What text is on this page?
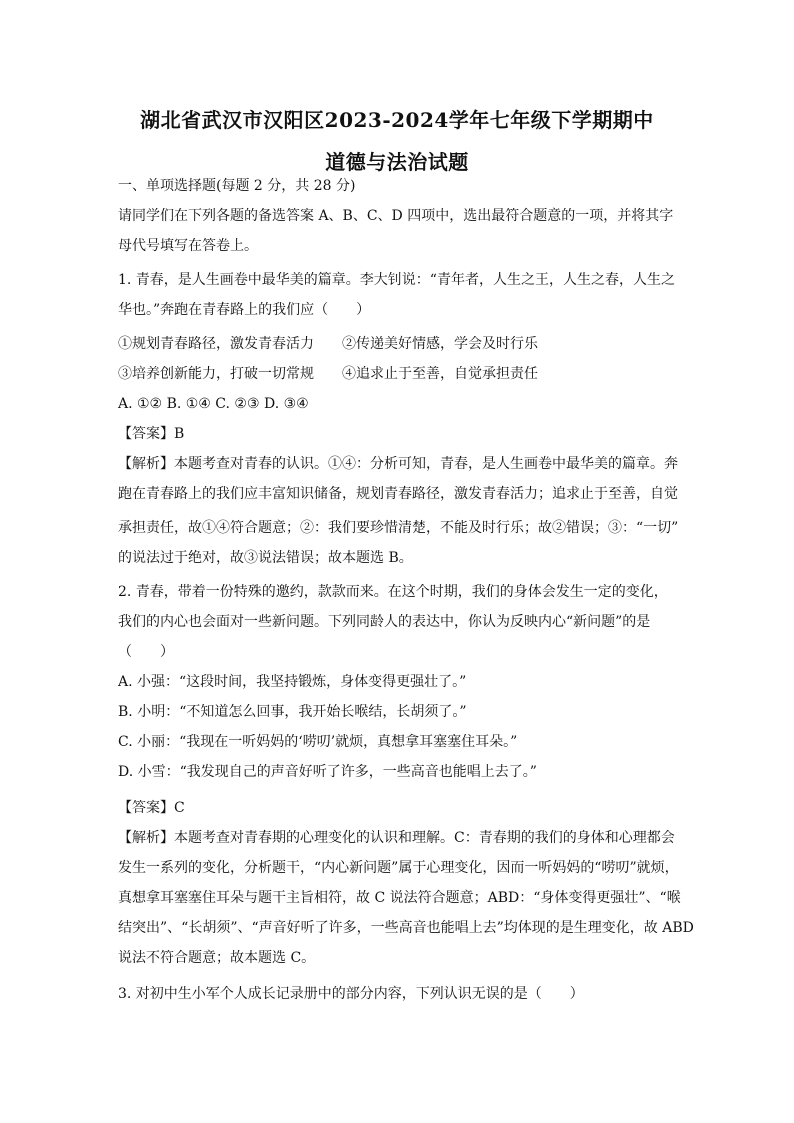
湖北省武汉市汉阳区2023-2024学年七年级下学期期中
道德与法治试题
一、单项选择题(每题 2 分，共 28 分)
请同学们在下列各题的备选答案 A、B、C、D 四项中，选出最符合题意的一项，并将其字
母代号填写在答卷上。
1. 青春，是人生画卷中最华美的篇章。李大钊说：“青年者，人生之王，人生之春，人生之
华也。”奔跑在青春路上的我们应（　　）
①规划青春路径，激发青春活力　　②传递美好情感，学会及时行乐
③培养创新能力，打破一切常规　　④追求止于至善，自觉承担责任
A. ①② B. ①④ C. ②③ D. ③④
【答案】B
【解析】本题考查对青春的认识。①④：分析可知，青春，是人生画卷中最华美的篇章。奔
跑在青春路上的我们应丰富知识储备，规划青春路径，激发青春活力；追求止于至善，自觉
承担责任，故①④符合题意；②：我们要珍惜清楚，不能及时行乐；故②错误；③：“一切”
的说法过于绝对，故③说法错误；故本题选 B。
2. 青春，带着一份特殊的邀约，款款而来。在这个时期，我们的身体会发生一定的变化，
我们的内心也会面对一些新问题。下列同龄人的表达中，你认为反映内心“新问题”的是
（　　）
A. 小强：“这段时间，我坚持锻炼，身体变得更强壮了。”
B. 小明：“不知道怎么回事，我开始长喉结，长胡须了。”
C. 小丽：“我现在一听妈妈的‘唠叨’就烦，真想拿耳塞塞住耳朵。”
D. 小雪：“我发现自己的声音好听了许多，一些高音也能唱上去了。”
【答案】C
【解析】本题考查对青春期的心理变化的认识和理解。C：青春期的我们的身体和心理都会
发生一系列的变化，分析题干，“内心新问题”属于心理变化，因而一听妈妈的“唠叨”就烦，
真想拿耳塞塞住耳朵与题干主旨相符，故 C 说法符合题意；ABD：“身体变得更强壮”、“喉
结突出”、“长胡须”、“声音好听了许多，一些高音也能唱上去”均体现的是生理变化，故 ABD
说法不符合题意；故本题选 C。
3. 对初中生小军个人成长记录册中的部分内容，下列认识无误的是（　　）
